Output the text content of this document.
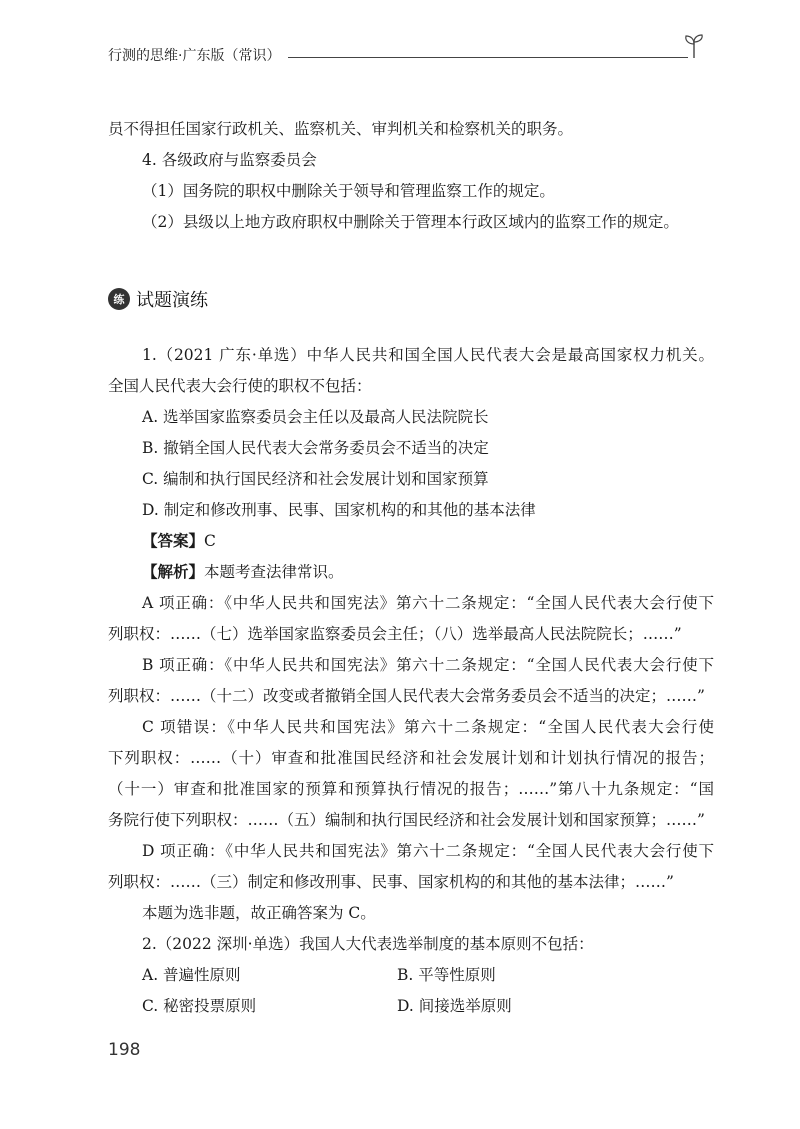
行测的思维·广东版（常识）

员不得担任国家行政机关、监察机关、审判机关和检察机关的职务。

4. 各级政府与监察委员会

（1）国务院的职权中删除关于领导和管理监察工作的规定。

（2）县级以上地方政府职权中删除关于管理本行政区域内的监察工作的规定。

练 试题演练

1.（2021 广东·单选）中华人民共和国全国人民代表大会是最高国家权力机关。

全国人民代表大会行使的职权不包括：

A. 选举国家监察委员会主任以及最高人民法院院长

B. 撤销全国人民代表大会常务委员会不适当的决定

C. 编制和执行国民经济和社会发展计划和国家预算

D. 制定和修改刑事、民事、国家机构的和其他的基本法律

【答案】C

【解析】本题考查法律常识。

A 项正确：《中华人民共和国宪法》第六十二条规定：“全国人民代表大会行使下

列职权：……（七）选举国家监察委员会主任；（八）选举最高人民法院院长；……”

B 项正确：《中华人民共和国宪法》第六十二条规定：“全国人民代表大会行使下

列职权：……（十二）改变或者撤销全国人民代表大会常务委员会不适当的决定；……”

C 项错误：《中华人民共和国宪法》第六十二条规定：“全国人民代表大会行使

下列职权：……（十）审查和批准国民经济和社会发展计划和计划执行情况的报告；

（十一）审查和批准国家的预算和预算执行情况的报告；……”第八十九条规定：“国

务院行使下列职权：……（五）编制和执行国民经济和社会发展计划和国家预算；……”

D 项正确：《中华人民共和国宪法》第六十二条规定：“全国人民代表大会行使下

列职权：……（三）制定和修改刑事、民事、国家机构的和其他的基本法律；……”

本题为选非题，故正确答案为 C。

2.（2022 深圳·单选）我国人大代表选举制度的基本原则不包括：

A. 普遍性原则	B. 平等性原则
C. 秘密投票原则	D. 间接选举原则
198
